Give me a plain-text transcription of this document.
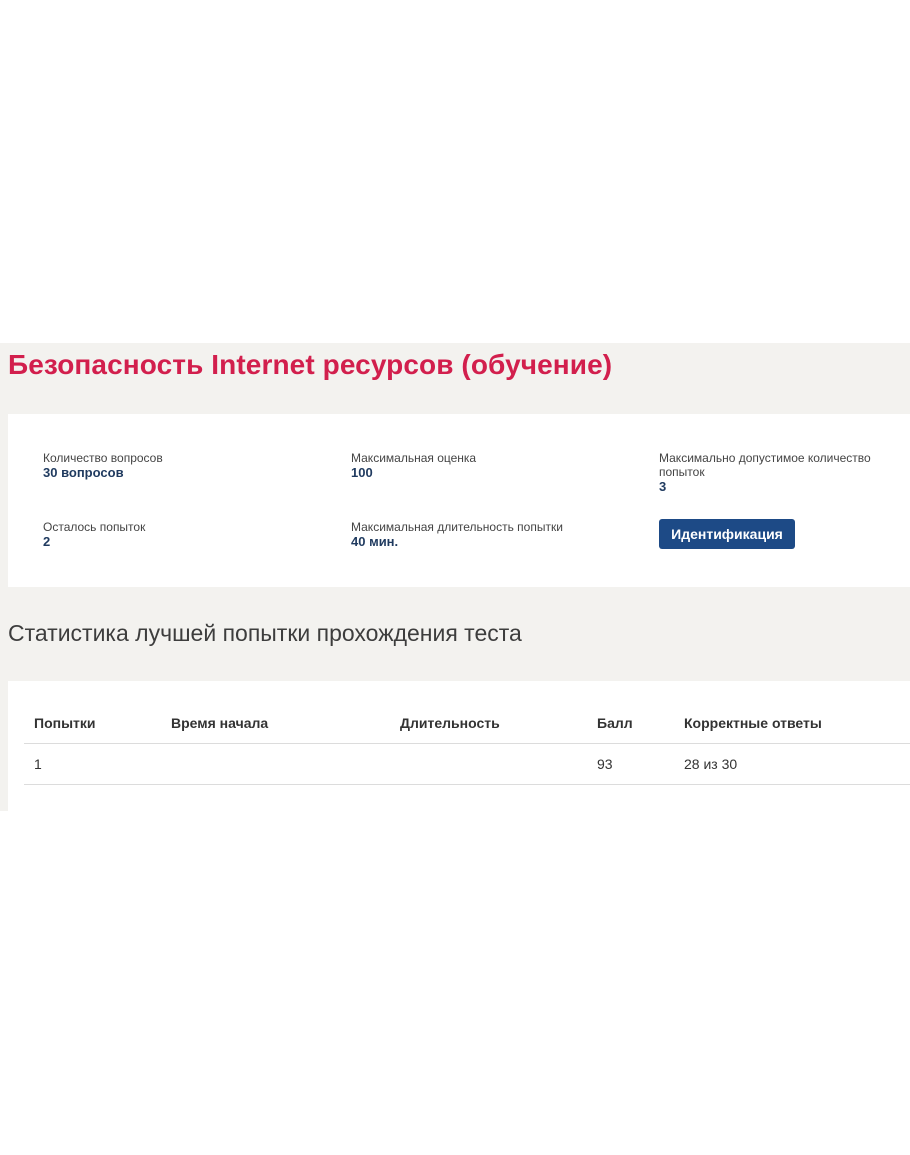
Безопасность Internet ресурсов (обучение)
Количество вопросов
30 вопросов
Максимальная оценка
100
Максимально допустимое количество попыток
3
Осталось попыток
2
Максимальная длительность попытки
40 мин.	Идентификация
Статистика лучшей попытки прохождения теста
Попытки	Время начала	Длительность	Балл	Корректные ответы
1			93	28 из 30
